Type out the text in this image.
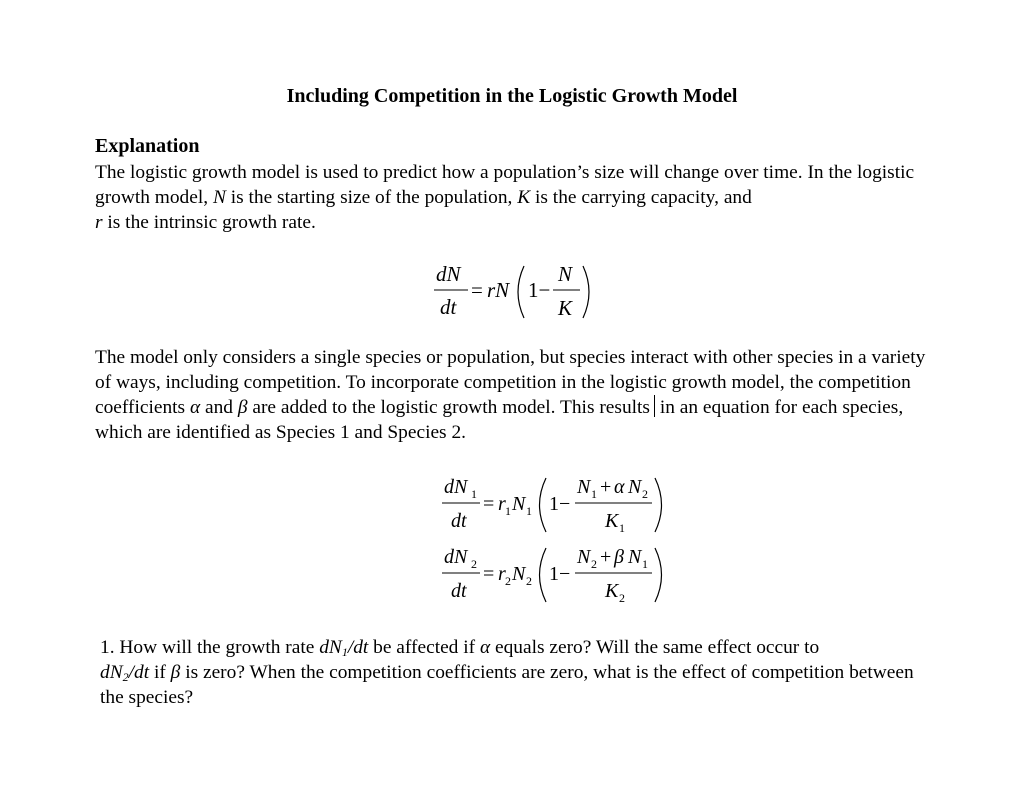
Including Competition in the Logistic Growth Model
Explanation
The logistic growth model is used to predict how a population’s size will change over time. In the logistic growth model, N is the starting size of the population, K is the carrying capacity, and
r is the intrinsic growth rate.
dN
dt
= rN 1−
N
K
The model only considers a single species or population, but species interact with other species in a variety of ways, including competition. To incorporate competition in the logistic growth model, the competition coefficients α and β are added to the logistic growth model. This results in an equation for each species, which are identified as Species 1 and Species 2.
dN 1
dt
= r 1 N 1 1−
N 1 + α N 2
K 1
dN 2
dt
= r 2 N 2 1−
N 2 + β N 1
K 2
1. How will the growth rate $dN_1/dt$ be affected if α equals zero? Will the same effect occur to
$dN_2/dt$ if β is zero? When the competition coefficients are zero, what is the effect of competition between the species?
